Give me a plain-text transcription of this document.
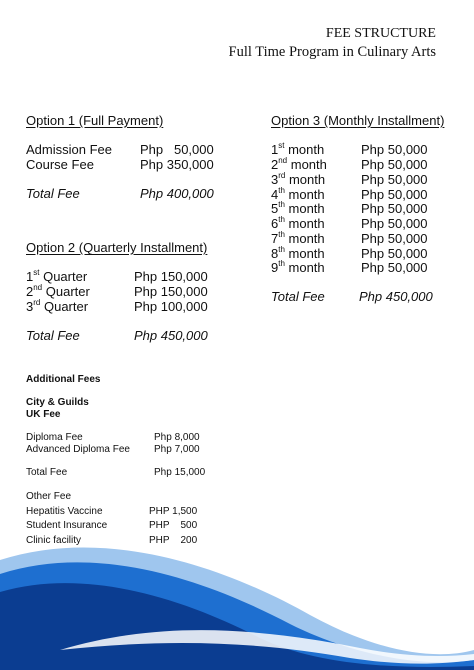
FEE STRUCTURE
Full Time Program in Culinary Arts
Option 1 (Full Payment)
Admission Fee Php   50,000
Course Fee	Php 350,000
Total Fee	Php 400,000
Option 2 (Quarterly Installment)
1st Quarter	Php 150,000
2nd Quarter	Php 150,000
3rd Quarter	Php 100,000
Total Fee	Php 450,000
Option 3 (Monthly Installment)
1st month	Php 50,000
2nd month	Php 50,000
3rd month	Php 50,000
4th month	Php 50,000
5th month	Php 50,000
6th month	Php 50,000
7th month	Php 50,000
8th month	Php 50,000
9th month	Php 50,000
Total Fee	Php 450,000
Additional Fees
City & Guilds
UK Fee
Diploma Fee	Php 8,000
Advanced Diploma Fee Php 7,000
Total Fee	Php 15,000
Other Fee
Hepatitis Vaccine	PHP 1,500
Student Insurance	PHP    500
Clinic facility	PHP    200
